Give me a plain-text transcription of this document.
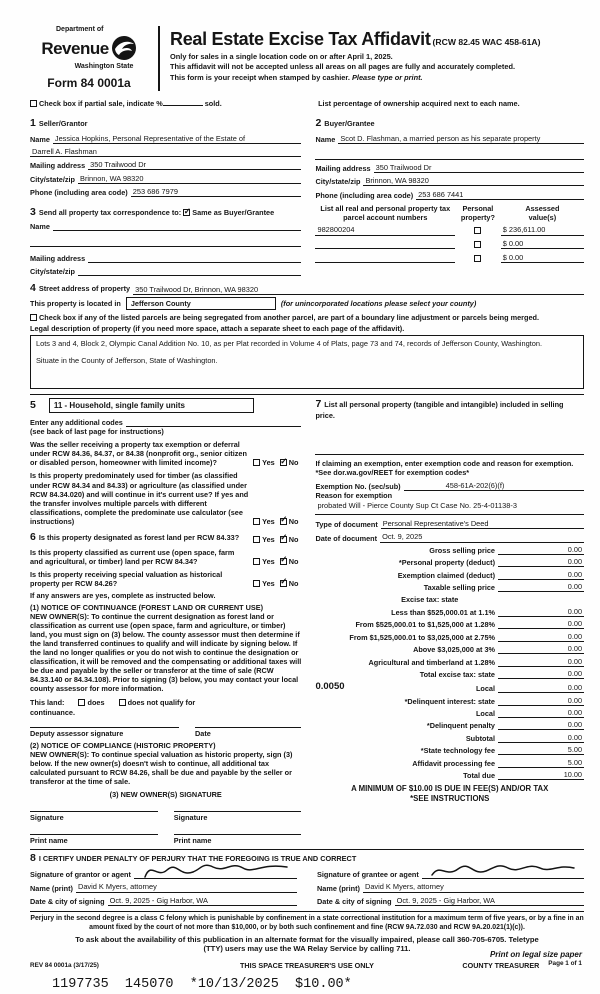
Department of
Revenue
Washington State
Form 84 0001a
Real Estate Excise Tax Affidavit (RCW 82.45 WAC 458-61A)
Only for sales in a single location code on or after April 1, 2025.
This affidavit will not be accepted unless all areas on all pages are fully and accurately completed.
This form is your receipt when stamped by cashier. Please type or print.
Check box if partial sale, indicate %	sold.	List percentage of ownership acquired next to each name.
1 Seller/Grantor
Name Jessica Hopkins, Personal Representative of the Estate of
Darrell A. Flashman
Mailing address 350 Trailwood Dr
City/state/zip Brinnon, WA 98320
Phone (including area code) 253 686 7979
3 Send all property tax correspondence to: ✓ Same as Buyer/Grantee
Name
Mailing address
City/state/zip
2 Buyer/Grantee
Name Scot D. Flashman, a married person as his separate property
Mailing address 350 Trailwood Dr
City/state/zip Brinnon, WA 98320
Phone (including area code) 253 686 7441
List all real and personal property tax parcel account numbers
Personal
property?
Assessed
value(s)
982800204	$ 236,611.00
$ 0.00
$ 0.00
4 Street address of property 350 Trailwood Dr, Brinnon, WA 98320
This property is located in	Jefferson County	(for unincorporated locations please select your county)
Check box if any of the listed parcels are being segregated from another parcel, are part of a boundary line adjustment or parcels being merged.
Legal description of property (if you need more space, attach a separate sheet to each page of the affidavit).
Lots 3 and 4, Block 2, Olympic Canal Addition No. 10, as per Plat recorded in Volume 4 of Plats, page 73 and 74, records of Jefferson County, Washington.
Situate in the County of Jefferson, State of Washington.
5	11 - Household, single family units
Enter any additional codes
(see back of last page for instructions)
Was the seller receiving a property tax exemption or deferral under RCW 84.36, 84.37, or 84.38 (nonprofit org., senior citizen or disabled person, homeowner with limited income)?	Yes ✓ No
Is this property predominately used for timber (as classified under RCW 84.34 and 84.33) or agriculture (as classified under RCW 84.34.020) and will continue in it's current use? If yes and the transfer involves multiple parcels with different classifications, complete the predominate use calculator (see instructions)	Yes ✓ No
6 Is this property designated as forest land per RCW 84.33?	Yes ✓ No
Is this property classified as current use (open space, farm and agricultural, or timber) land per RCW 84.34?	Yes ✓ No
Is this property receiving special valuation as historical property per RCW 84.26?	Yes ✓ No
If any answers are yes, complete as instructed below.
(1) NOTICE OF CONTINUANCE (FOREST LAND OR CURRENT USE)
NEW OWNER(S): To continue the current designation as forest land or classification as current use (open space, farm and agriculture, or timber) land, you must sign on (3) below. The county assessor must then determine if the land transferred continues to qualify and will indicate by signing below. If the land no longer qualifies or you do not wish to continue the designation or classification, it will be removed and the compensating or additional taxes will be due and payable by the seller or transferor at the time of sale (RCW 84.33.140 or 84.34.108). Prior to signing (3) below, you may contact your local county assessor for more information.
This land:	does	does not qualify for
continuance.
Deputy assessor signature	Date
(2) NOTICE OF COMPLIANCE (HISTORIC PROPERTY)
NEW OWNER(S): To continue special valuation as historic property, sign (3) below. If the new owner(s) doesn't wish to continue, all additional tax calculated pursuant to RCW 84.26, shall be due and payable by the seller or transferor at the time of sale.
(3) NEW OWNER(S) SIGNATURE
Signature	Signature
Print name	Print name
7 List all personal property (tangible and intangible) included in selling price.
If claiming an exemption, enter exemption code and reason for exemption. *See dor.wa.gov/REET for exemption codes*
Exemption No. (sec/sub)	458-61A-202(6)(f)
Reason for exemption
probated Will - Pierce County Sup Ct Case No. 25-4-01138-3
Type of document Personal Representative's Deed
Date of document Oct. 9, 2025
Gross selling price	0.00
*Personal property (deduct)	0.00
Exemption claimed (deduct)	0.00
Taxable selling price	0.00
Excise tax: state
Less than $525,000.01 at 1.1%	0.00
From $525,000.01 to $1,525,000 at 1.28%	0.00
From $1,525,000.01 to $3,025,000 at 2.75%	0.00
Above $3,025,000 at 3%	0.00
Agricultural and timberland at 1.28%	0.00
Total excise tax: state	0.00
0.0050	Local	0.00
*Delinquent interest: state	0.00
Local	0.00
*Delinquent penalty	0.00
Subtotal	0.00
*State technology fee	5.00
Affidavit processing fee	5.00
Total due	10.00
A MINIMUM OF $10.00 IS DUE IN FEE(S) AND/OR TAX
*SEE INSTRUCTIONS
8 I CERTIFY UNDER PENALTY OF PERJURY THAT THE FOREGOING IS TRUE AND CORRECT
Signature of grantor or agent
Name (print) David K Myers, attorney
Date & city of signing Oct. 9, 2025 - Gig Harbor, WA
Signature of grantee or agent
Name (print) David K Myers, attorney
Date & city of signing Oct. 9, 2025 - Gig Harbor, WA
Perjury in the second degree is a class C felony which is punishable by confinement in a state correctional institution for a maximum term of five years, or by a fine in an amount fixed by the court of not more than $10,000, or by both such confinement and fine (RCW 9A.72.030 and RCW 9A.20.021(1)(c)).
To ask about the availability of this publication in an alternate format for the visually impaired, please call 360-705-6705. Teletype
(TTY) users may use the WA Relay Service by calling 711.
REV 84 0001a (3/17/25)	THIS SPACE TREASURER'S USE ONLY	COUNTY TREASURER
1197735  145070  *10/13/2025  $10.00*
Print on legal size paper
Page 1 of 1
